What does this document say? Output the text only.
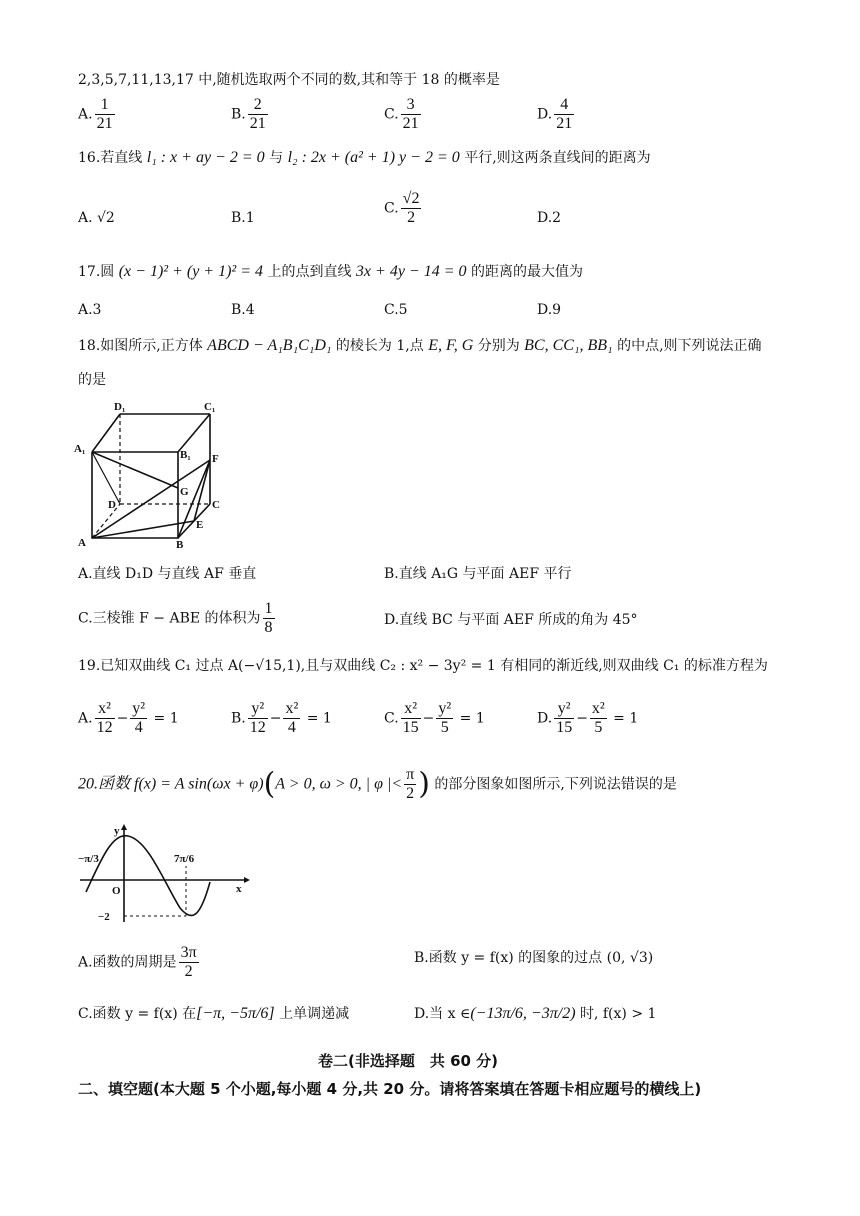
2,3,5,7,11,13,17 中,随机选取两个不同的数,其和等于 18 的概率是
A. $\frac{1}{21}$	B. $\frac{2}{21}$	C. $\frac{3}{21}$	D. $\frac{4}{21}$
16.若直线 l₁ : x + ay − 2 = 0 与 l₂ : 2x + (a² + 1) y − 2 = 0 平行,则这两条直线间的距离为
A. √2	B.1
C. $\frac{√2}{2}$	D.2
17.圆 (x − 1)² + (y + 1)² = 4 上的点到直线 3x + 4y − 14 = 0 的距离的最大值为
A.3	B.4	C.5	D.9
18.如图所示,正方体 ABCD − A₁B₁C₁D₁ 的棱长为 1,点 E, F, G 分别为 BC, CC₁, BB₁ 的中点,则下列说法正确
的是
D₁	C₁
A₁	B₁ F
D
G
C
E
A	B
A.直线 D₁D 与直线 AF 垂直	B.直线 A₁G 与平面 AEF 平行
C.三棱锥 F − ABE 的体积为 $\frac{1}{8}$	D.直线 BC 与平面 AEF 所成的角为 45°
19.已知双曲线 C₁ 过点 A(−√15,1),且与双曲线 C₂ : x² − 3y² = 1 有相同的渐近线,则双曲线 C₁ 的标准方程为
A. $\frac{\text{x²}}{12} - \frac{\text{y²}}{4} = 1$	B. $\frac{\text{y²}}{12} - \frac{\text{x²}}{4} = 1$	C. $\frac{\text{x²}}{15} - \frac{\text{y²}}{5} = 1$	D. $\frac{\text{y²}}{15} - \frac{\text{x²}}{5} = 1$
20.函数 f(x) = A sin(ωx + φ)(A > 0, ω > 0, | φ |< $\frac{\pi}{2}$ ) 的部分图象如图所示,下列说法错误的是
y
x
O
−π/3	7π/6
−2
A.函数的周期是 $\frac{3\pi}{2}$	B.函数 y = f(x) 的图象的过点 (0, √3)
C.函数 y = f(x) 在[−π, −5π/6] 上单调递减	D.当 x ∈(−13π/6, −3π/2) 时, f(x) > 1
卷二(非选择题　共 60 分)
二、填空题(本大题 5 个小题,每小题 4 分,共 20 分。请将答案填在答题卡相应题号的横线上)
